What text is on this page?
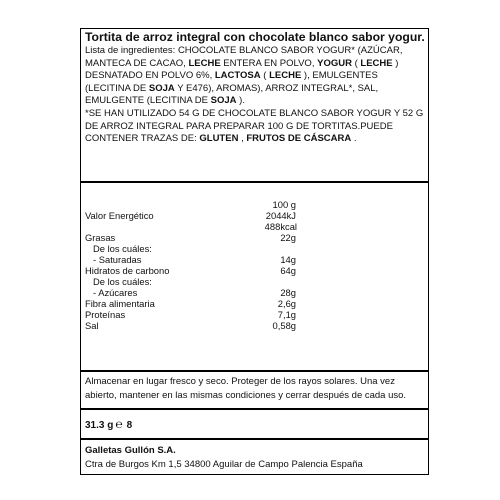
Tortita de arroz integral con chocolate blanco sabor yogur.
Lista de ingredientes: CHOCOLATE BLANCO SABOR YOGUR* (AZÚCAR, MANTECA DE CACAO, LECHE ENTERA EN POLVO, YOGUR ( LECHE ) DESNATADO EN POLVO 6%, LACTOSA ( LECHE ), EMULGENTES (LECITINA DE SOJA Y E476), AROMAS), ARROZ INTEGRAL*, SAL, EMULGENTE (LECITINA DE SOJA ).
*SE HAN UTILIZADO 54 G DE CHOCOLATE BLANCO SABOR YOGUR Y 52 G DE ARROZ INTEGRAL PARA PREPARAR 100 G DE TORTITAS.PUEDE CONTENER TRAZAS DE: GLUTEN , FRUTOS DE CÁSCARA .
100 g
Valor Energético	2044kJ
488kcal
Grasas	22g
De los cuáles:
- Saturadas	14g
Hidratos de carbono	64g
De los cuáles:
- Azúcares	28g
Fibra alimentaria	2,6g
Proteínas	7,1g
Sal	0,58g
Almacenar en lugar fresco y seco. Proteger de los rayos solares. Una vez abierto, mantener en las mismas condiciones y cerrar después de cada uso.
31.3 g ℮ 8
Galletas Gullón S.A.
Ctra de Burgos Km 1,5 34800 Aguilar de Campo Palencia España
